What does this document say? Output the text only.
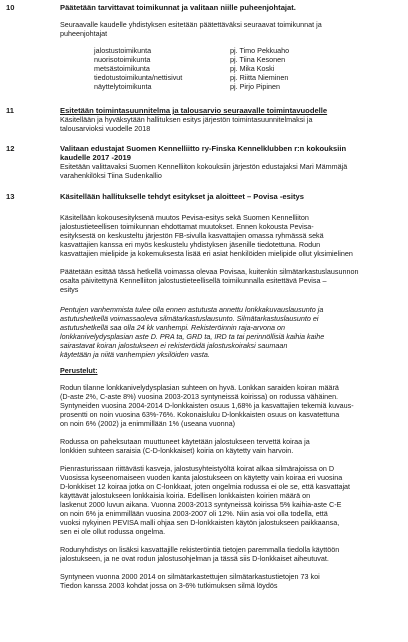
10	Päätetään tarvittavat toimikunnat ja valitaan niille puheenjohtajat.
Seuraavalle kaudelle yhdistyksen esitetään päätettäväksi seuraavat toimikunnat ja
puheenjohtajat
jalostustoimikunta	pj. Timo Pekkuaho
nuorisotoimikunta	pj. Tiina Kesonen
metsästoimikunta	pj. Mika Koski
tiedotustoimikunta/nettisivut	pj. Riitta Nieminen
näyttelytoimikunta	pj. Pirjo Pipinen
11	Esitetään toimintasuunnitelma ja talousarvio seuraavalle toimintavuodelle
Käsitellään ja hyväksytään hallituksen esitys järjestön toimintasuunnitelmaksi ja
talousarvioksi vuodelle 2018
12	Valitaan edustajat Suomen Kennelliitto ry-Finska Kennelklubben r:n kokouksiin
kaudelle 2017 -2019
Esitetään valittavaksi Suomen Kennelliiton kokouksiin järjestön edustajaksi Mari Mämmäjä
varahenkilöksi Tiina Sudenkallio
13	Käsitellään hallitukselle tehdyt esitykset ja aloitteet – Povisa -esitys
Käsitellään kokousesityksenä muutos Pevisa-esitys sekä Suomen Kennelliiton
jalostustieteellisen toimikunnan ehdottamat muutokset. Ennen kokousta Pevisa-
esityksestä on keskusteltu järjestön FB-sivulla kasvattajien omassa ryhmässä sekä
kasvattajien kanssa eri myös keskustelu yhdistyksen jäsenille tiedotettuna. Rodun
kasvattajien mielipide ja kokemuksesta lisää eri asiat henkilöiden mielipide ollut yksimielinen
Päätetään esittää tässä hetkellä voimassa olevaa Povisaa, kuitenkin silmätarkastuslausunnon
osalta päivitettynä Kennelliiton jalostustieteellisellä toimikunnalla esitettävä Pevisa –
esitys
Pentujen vanhemmista tulee olla ennen astutusta annettu lonkkakuvauslausunto ja
astutushetkellä voimassaoleva silmätarkastuslausunto. Silmätarkastuslausunto ei
astutushetkellä saa olla 24 kk vanhempi. Rekisteröinnin raja-arvona on
lonkkanivelydysplasian aste D. PRA ta, GRD ta, IRD ta tai perinnöllisiä kaihia kaihe
sairastavat koiran jalostukseen ei rekisteröidä jalostuskoiraksi saumaan
käytetään ja niitä vanhempien yksilöiden vasta.
Perustelut:
Rodun tilanne lonkkanivelydysplasian suhteen on hyvä. Lonkkan saraiden koiran määrä
(D-aste 2%, C-aste 8%) vuosina 2003-2013 syntyneissä koirissa) on rodussa vähäinen.
Syntyneiden vuosina 2004-2014 D-lonkkaisten osuus 1,68% ja kasvattajien tekemiä kuvaus-
prosentti on noin vuosina 63%-76%. Kokonaisluku D-lonkkaisten osuus on kasvatettuna
on noin 6% (2002) ja enimmillään 1% (useana vuonna)
Rodussa on paheksutaan muuttuneet käytetään jalostukseen tervettä koiraa ja
lonkkien suhteen saraisia (C-D-lonkkaiset) koiria on käytetty vain harvoin.
Pienrasturissaan riittävästi kasveja, jalostusyhteistyöltä koirat alkaa silmärajoissa on D
Vuosissa kyseenomaiseen vuoden kanta jalostukseen on käytetty vain koiraa eri vuosina
D-lonkkiset 12 koiraa jotka on C-lonkkaat, joten ongelmia rodussa ei ole se, että kasvattajat
käyttävät jalostukseen lonkkaisia koiria. Edellisen lonkkaisten koirien määrä on
laskenut 2000 luvun aikana. Vuonna 2003-2013 syntyneissä koirissa 5% kaihia-aste C-E
on noin 6% ja enimmillään vuosina 2003-2007 oli 12%. Niin asia voi olla todella, että
vuoksi nykyinen PEVISA malli ohjaa sen D-lonkkaisten käytön jalostukseen paikkaansa,
sen ei ole ollut rodussa ongelma.
Rodunyhdistys on lisäksi kasvattajille rekisteröintiä tietojen paremmalla tiedolla käyttöön
jalostukseen, ja ne ovat rodun jalostusohjelman ja tässä siis D-lonkkaiset aiheutuvat.
Syntyneen vuonna 2000 2014 on silmätarkastettujen silmätarkastustietojen 73 koi
Tiedon kanssa 2003 kohdat jossa on 3-6% tutkimuksen silmä löydös
